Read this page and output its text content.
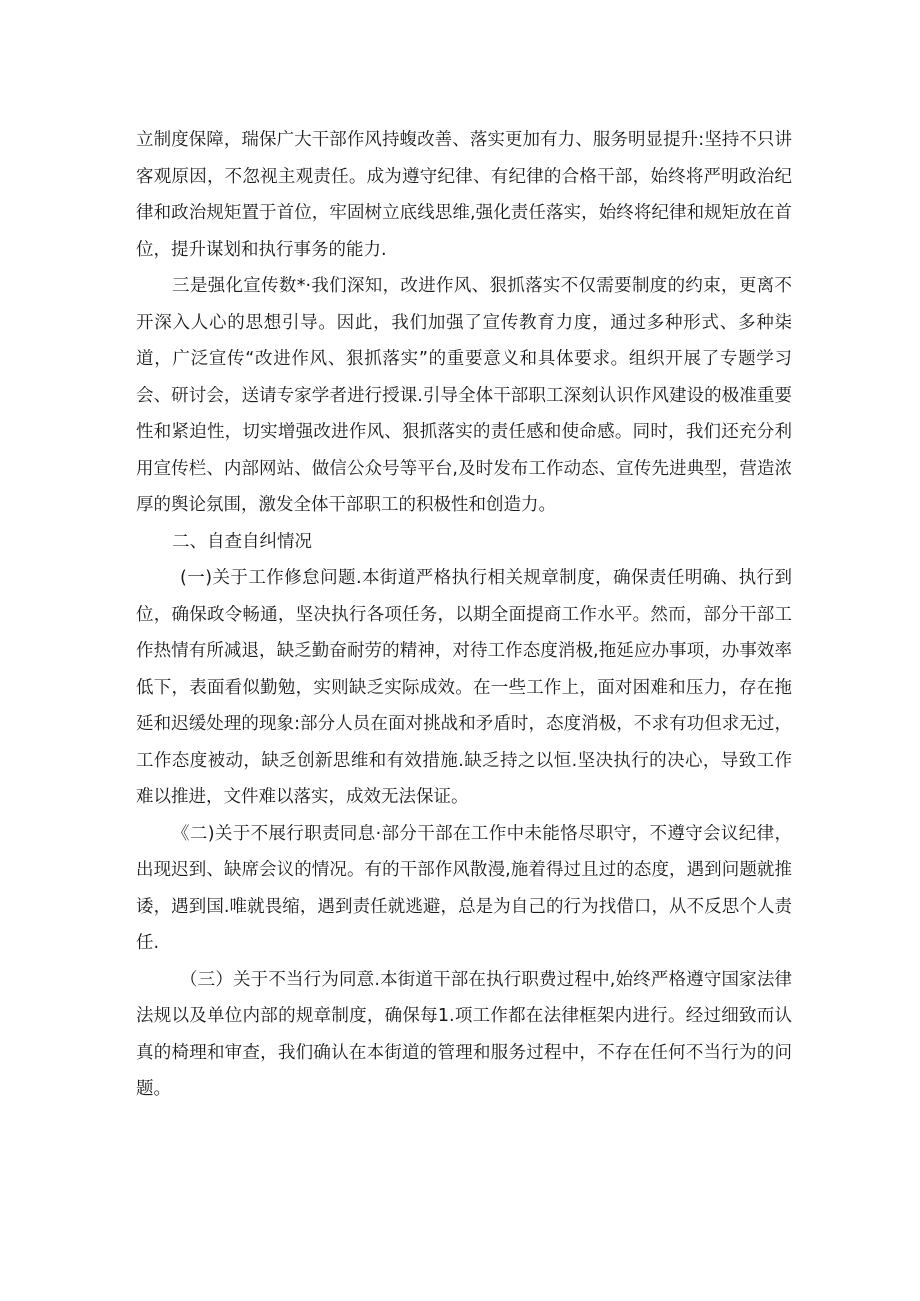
立制度保障，瑞保广大干部作风持蝮改善、落实更加有力、服务明显提升:坚持不只讲客观原因，不忽视主观责任。成为遵守纪律、有纪律的合格干部，始终将严明政治纪律和政治规矩置于首位，牢固树立底线思维,强化责任落实，始终将纪律和规矩放在首位，提升谋划和执行事务的能力.

三是强化宣传数*·我们深知，改进作风、狠抓落实不仅需要制度的约束，更离不开深入人心的思想引导。因此，我们加强了宣传教育力度，通过多种形式、多种柒道，广泛宣传“改进作风、狠抓落实”的重要意义和具体要求。组织开展了专题学习会、研讨会，送请专家学者进行授课.引导全体干部职工深刻认识作风建设的极准重要性和紧迫性，切实增强改进作风、狠抓落实的责任感和使命感。同时，我们还充分利用宣传栏、内部网站、做信公众号等平台,及时发布工作动态、宣传先进典型，营造浓厚的舆论氛围，激发全体干部职工的积极性和创造力。

二、自查自纠情况

(一)关于工作修怠问题.本街道严格执行相关规章制度，确保责任明确、执行到位，确保政令畅通，坚决执行各项任务，以期全面提商工作水平。然而，部分干部工作热情有所减退，缺乏勤奋耐劳的精神，对待工作态度消极,拖延应办事项，办事效率低下，表面看似勤勉，实则缺乏实际成效。在一些工作上，面对困难和压力，存在拖延和迟缓处理的现象:部分人员在面对挑战和矛盾时，态度消极，不求有功但求无过，工作态度被动，缺乏创新思维和有效措施.缺乏持之以恒.坚决执行的决心，导致工作难以推进，文件难以落实，成效无法保证。

《二)关于不展行职责同息·部分干部在工作中未能恪尽职守，不遵守会议纪律，出现迟到、缺席会议的情况。有的干部作风散漫,施着得过且过的态度，遇到问题就推诿，遇到国.唯就畏缩，遇到责任就逃避，总是为自己的行为找借口，从不反思个人责任.

（三）关于不当行为同意.本街道干部在执行职费过程中,始终严格遵守国家法律法规以及单位内部的规章制度，确保每1.项工作都在法律框架内进行。经过细致而认真的椅理和审查，我们确认在本街道的管理和服务过程中，不存在任何不当行为的问题。
